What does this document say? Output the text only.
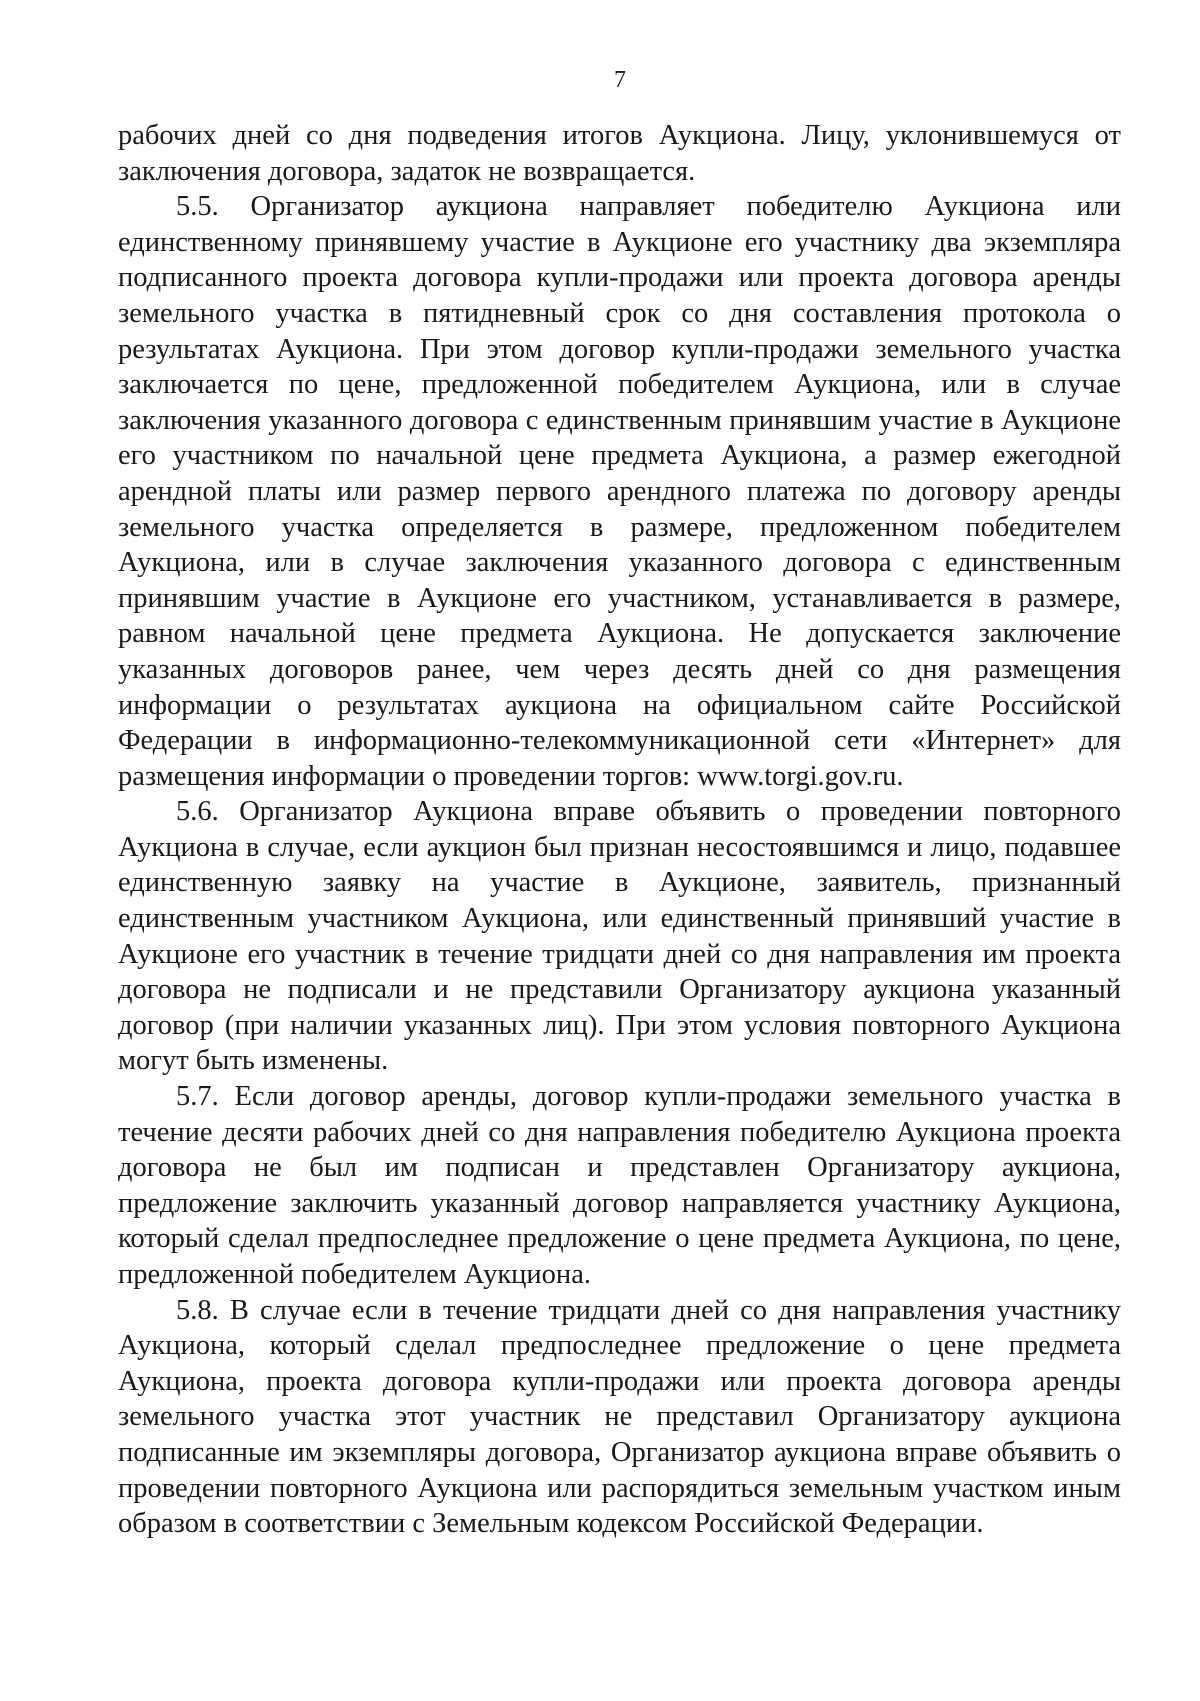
7

рабочих дней со дня подведения итогов Аукциона. Лицу, уклонившемуся от заключения договора, задаток не возвращается.

5.5. Организатор аукциона направляет победителю Аукциона или единственному принявшему участие в Аукционе его участнику два экземпляра подписанного проекта договора купли-продажи или проекта договора аренды земельного участка в пятидневный срок со дня составления протокола о результатах Аукциона. При этом договор купли-продажи земельного участка заключается по цене, предложенной победителем Аукциона, или в случае заключения указанного договора с единственным принявшим участие в Аукционе его участником по начальной цене предмета Аукциона, а размер ежегодной арендной платы или размер первого арендного платежа по договору аренды земельного участка определяется в размере, предложенном победителем Аукциона, или в случае заключения указанного договора с единственным принявшим участие в Аукционе его участником, устанавливается в размере, равном начальной цене предмета Аукциона. Не допускается заключение указанных договоров ранее, чем через десять дней со дня размещения информации о результатах аукциона на официальном сайте Российской Федерации в информационно-телекоммуникационной сети «Интернет» для размещения информации о проведении торгов: www.torgi.gov.ru.

5.6. Организатор Аукциона вправе объявить о проведении повторного Аукциона в случае, если аукцион был признан несостоявшимся и лицо, подавшее единственную заявку на участие в Аукционе, заявитель, признанный единственным участником Аукциона, или единственный принявший участие в Аукционе его участник в течение тридцати дней со дня направления им проекта договора не подписали и не представили Организатору аукциона указанный договор (при наличии указанных лиц). При этом условия повторного Аукциона могут быть изменены.

5.7. Если договор аренды, договор купли-продажи земельного участка в течение десяти рабочих дней со дня направления победителю Аукциона проекта договора не был им подписан и представлен Организатору аукциона, предложение заключить указанный договор направляется участнику Аукциона, который сделал предпоследнее предложение о цене предмета Аукциона, по цене, предложенной победителем Аукциона.

5.8. В случае если в течение тридцати дней со дня направления участнику Аукциона, который сделал предпоследнее предложение о цене предмета Аукциона, проекта договора купли-продажи или проекта договора аренды земельного участка этот участник не представил Организатору аукциона подписанные им экземпляры договора, Организатор аукциона вправе объявить о проведении повторного Аукциона или распорядиться земельным участком иным образом в соответствии с Земельным кодексом Российской Федерации.
